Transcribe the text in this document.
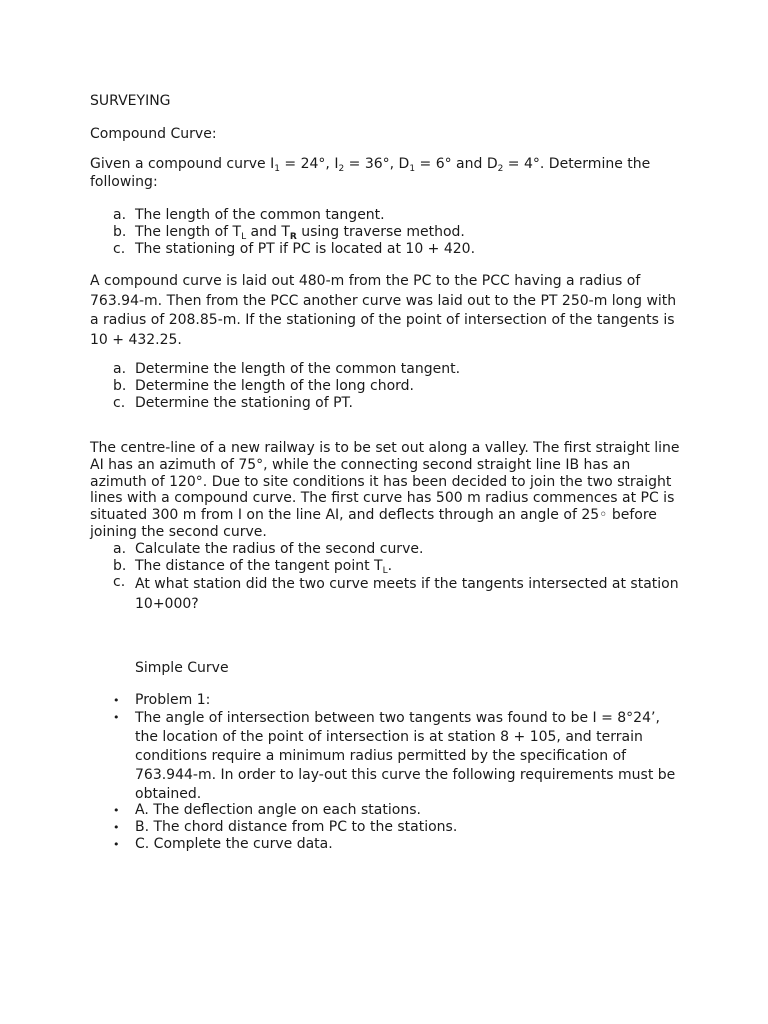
SURVEYING
Compound Curve:
Given a compound curve $I_1 = 24^\circ$, $I_2 = 36^\circ$, $D_1 = 6^\circ$ and $D_2 = 4^\circ$. Determine the
following:
a. The length of the common tangent.
b. The length of $T_L$ and $T_R$ using traverse method.
c. The stationing of PT if PC is located at 10 + 420.
A compound curve is laid out 480-m from the PC to the PCC having a radius of
763.94-m. Then from the PCC another curve was laid out to the PT 250-m long with
a radius of 208.85-m. If the stationing of the point of intersection of the tangents is
10 + 432.25.
a. Determine the length of the common tangent.
b. Determine the length of the long chord.
c. Determine the stationing of PT.
The centre-line of a new railway is to be set out along a valley. The first straight line
AI has an azimuth of 75°, while the connecting second straight line IB has an
azimuth of 120°. Due to site conditions it has been decided to join the two straight
lines with a compound curve. The first curve has 500 m radius commences at PC is
situated 300 m from I on the line AI, and deflects through an angle of 25◦ before
joining the second curve.
a. Calculate the radius of the second curve.
b. The distance of the tangent point $T_L$.
c. At what station did the two curve meets if the tangents intersected at station
10+000?
Simple Curve
• Problem 1:
• The angle of intersection between two tangents was found to be I = 8°24’,
the location of the point of intersection is at station 8 + 105, and terrain
conditions require a minimum radius permitted by the specification of
763.944-m. In order to lay-out this curve the following requirements must be
obtained.
• A. The deflection angle on each stations.
• B. The chord distance from PC to the stations.
• C. Complete the curve data.
